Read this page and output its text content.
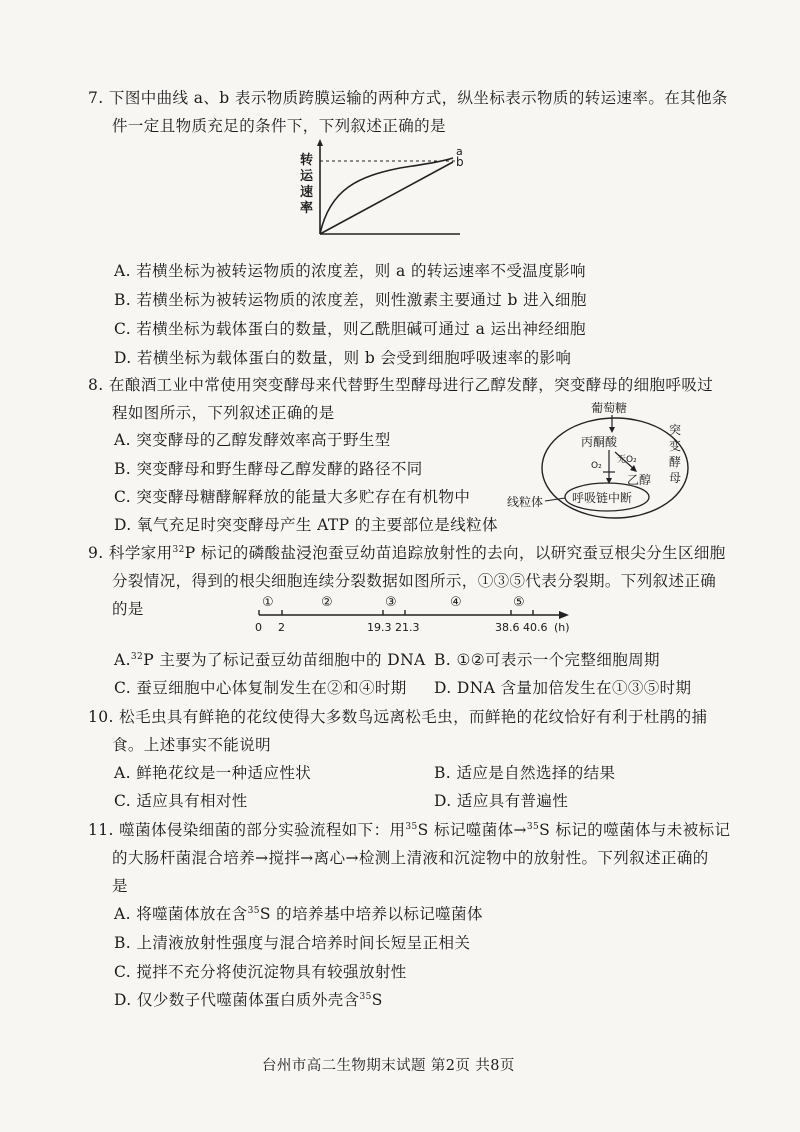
7. 下图中曲线 a、b 表示物质跨膜运输的两种方式，纵坐标表示物质的转运速率。在其他条
件一定且物质充足的条件下，下列叙述正确的是
a
b
转
运
速
率
A. 若横坐标为被转运物质的浓度差，则 a 的转运速率不受温度影响
B. 若横坐标为被转运物质的浓度差，则性激素主要通过 b 进入细胞
C. 若横坐标为载体蛋白的数量，则乙酰胆碱可通过 a 运出神经细胞
D. 若横坐标为载体蛋白的数量，则 b 会受到细胞呼吸速率的影响
8. 在酿酒工业中常使用突变酵母来代替野生型酵母进行乙醇发酵，突变酵母的细胞呼吸过
程如图所示，下列叙述正确的是
A. 突变酵母的乙醇发酵效率高于野生型
B. 突变酵母和野生酵母乙醇发酵的路径不同
C. 突变酵母糖酵解释放的能量大多贮存在有机物中
D. 氧气充足时突变酵母产生 ATP 的主要部位是线粒体
葡萄糖
丙酮酸
O₂
无O₂
乙醇
呼吸链中断
线粒体
突
变
酵
母
9. 科学家用$^{32}$P 标记的磷酸盐浸泡蚕豆幼苗追踪放射性的去向，以研究蚕豆根尖分生区细胞
分裂情况，得到的根尖细胞连续分裂数据如图所示，①③⑤代表分裂期。下列叙述正确
的是	①	②	③	④	⑤
0 2	19.3 21.3	38.6 40.6 (h)
A.$^{32}$P 主要为了标记蚕豆幼苗细胞中的 DNA B. ①②可表示一个完整细胞周期
C. 蚕豆细胞中心体复制发生在②和④时期 D. DNA 含量加倍发生在①③⑤时期
10. 松毛虫具有鲜艳的花纹使得大多数鸟远离松毛虫，而鲜艳的花纹恰好有利于杜鹃的捕
食。上述事实不能说明
A. 鲜艳花纹是一种适应性状	B. 适应是自然选择的结果
C. 适应具有相对性	D. 适应具有普遍性
11. 噬菌体侵染细菌的部分实验流程如下：用$^{35}$S 标记噬菌体→$^{35}$S 标记的噬菌体与未被标记
的大肠杆菌混合培养→搅拌→离心→检测上清液和沉淀物中的放射性。下列叙述正确的
是
A. 将噬菌体放在含$^{35}$S 的培养基中培养以标记噬菌体
B. 上清液放射性强度与混合培养时间长短呈正相关
C. 搅拌不充分将使沉淀物具有较强放射性
D. 仅少数子代噬菌体蛋白质外壳含$^{35}$S
台州市高二生物期末试题 第2页 共8页
